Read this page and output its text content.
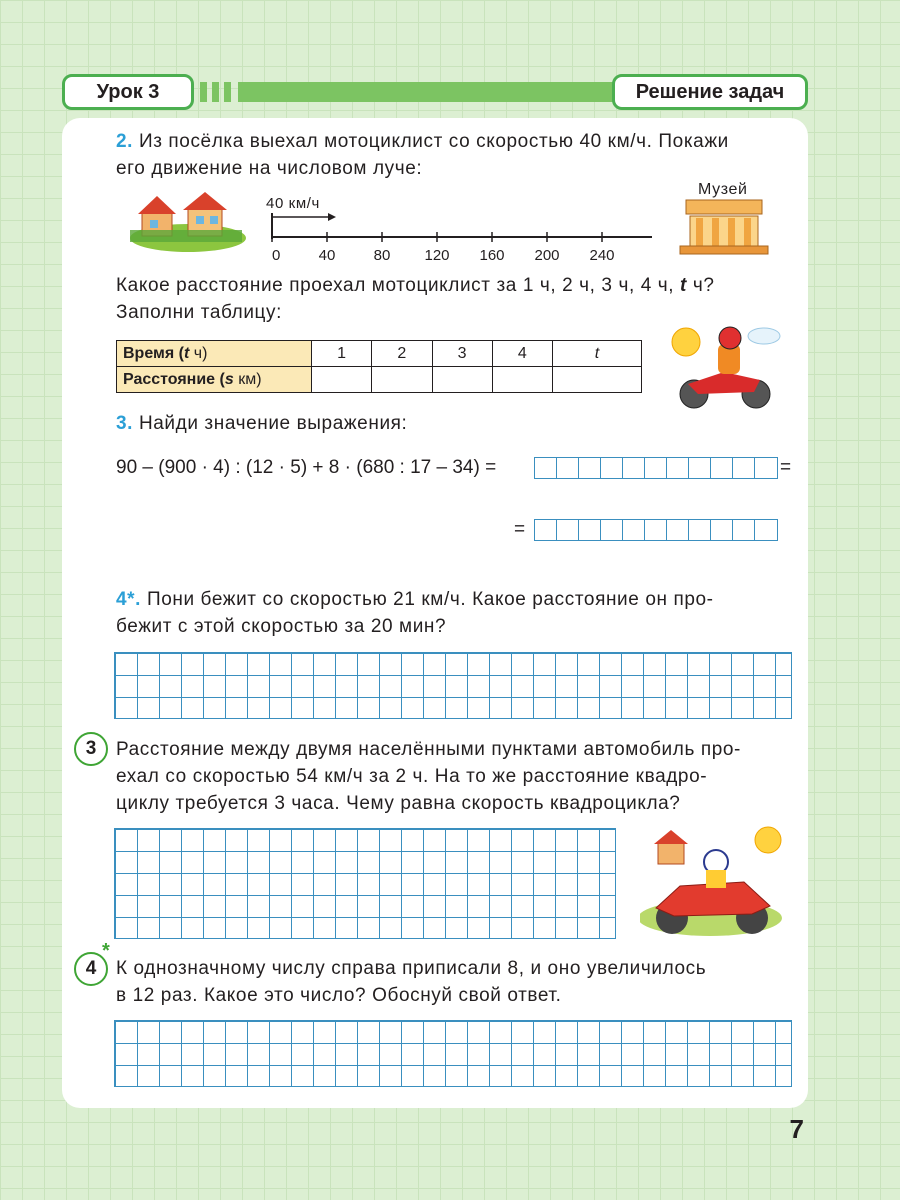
Урок 3	Решение задач
2. Из посёлка выехал мотоциклист со скоростью 40 км/ч. Покажи
его движение на числовом луче:
40 км/ч
0	40	80 120 160 200 240
Музей
Какое расстояние проехал мотоциклист за 1 ч, 2 ч, 3 ч, 4 ч, t ч?
Заполни таблицу:
Время (t ч)	1	2	3	4	t
Расстояние (s км)					
3. Найди значение выражения:
90 – (900 · 4) : (12 · 5) + 8 · (680 : 17 – 34) =	=
=
4*. Пони бежит со скоростью 21 км/ч. Какое расстояние он про-
бежит с этой скоростью за 20 мин?
3	Расстояние между двумя населёнными пунктами автомобиль про-
ехал со скоростью 54 км/ч за 2 ч. На то же расстояние квадро-
циклу требуется 3 часа. Чему равна скорость квадроцикла?
4
*
К однозначному числу справа приписали 8, и оно увеличилось
в 12 раз. Какое это число? Обоснуй свой ответ.
7
